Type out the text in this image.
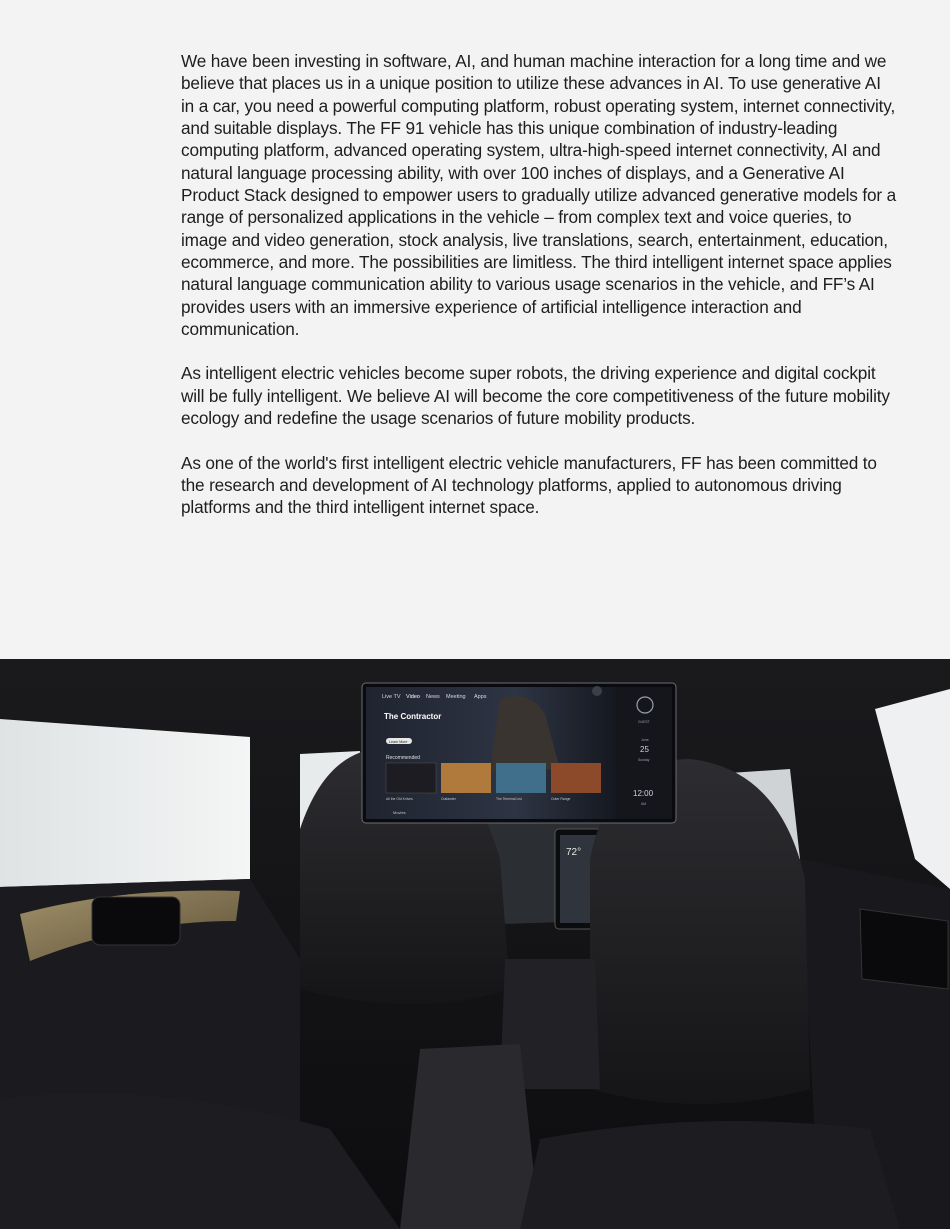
We have been investing in software, AI, and human machine interaction for a long time and we believe that places us in a unique position to utilize these advances in AI. To use generative AI in a car, you need a powerful computing platform, robust operating system, internet connectivity, and suitable displays. The FF 91 vehicle has this unique combination of industry-leading computing platform, advanced operating system, ultra-high-speed internet connectivity, AI and natural language processing ability, with over 100 inches of displays, and a Generative AI Product Stack designed to empower users to gradually utilize advanced generative models for a range of personalized applications in the vehicle – from complex text and voice queries, to image and video generation, stock analysis, live translations, search, entertainment, education, ecommerce, and more. The possibilities are limitless. The third intelligent internet space applies natural language communication ability to various usage scenarios in the vehicle, and FF’s AI provides users with an immersive experience of artificial intelligence interaction and communication.

As intelligent electric vehicles become super robots, the driving experience and digital cockpit will be fully intelligent. We believe AI will become the core competitiveness of the future mobility ecology and redefine the usage scenarios of future mobility products.

As one of the world's first intelligent electric vehicle manufacturers, FF has been committed to the research and development of AI technology platforms, applied to autonomous driving platforms and the third intelligent internet space.

72°
Live TV Video News Meeting Apps
The Contractor
Learn More
Recommended
All the Old Knives	Outlander	The Terminal List	Outer Range
Movies
GUEST
June
25
Sunday
12:00
AM
